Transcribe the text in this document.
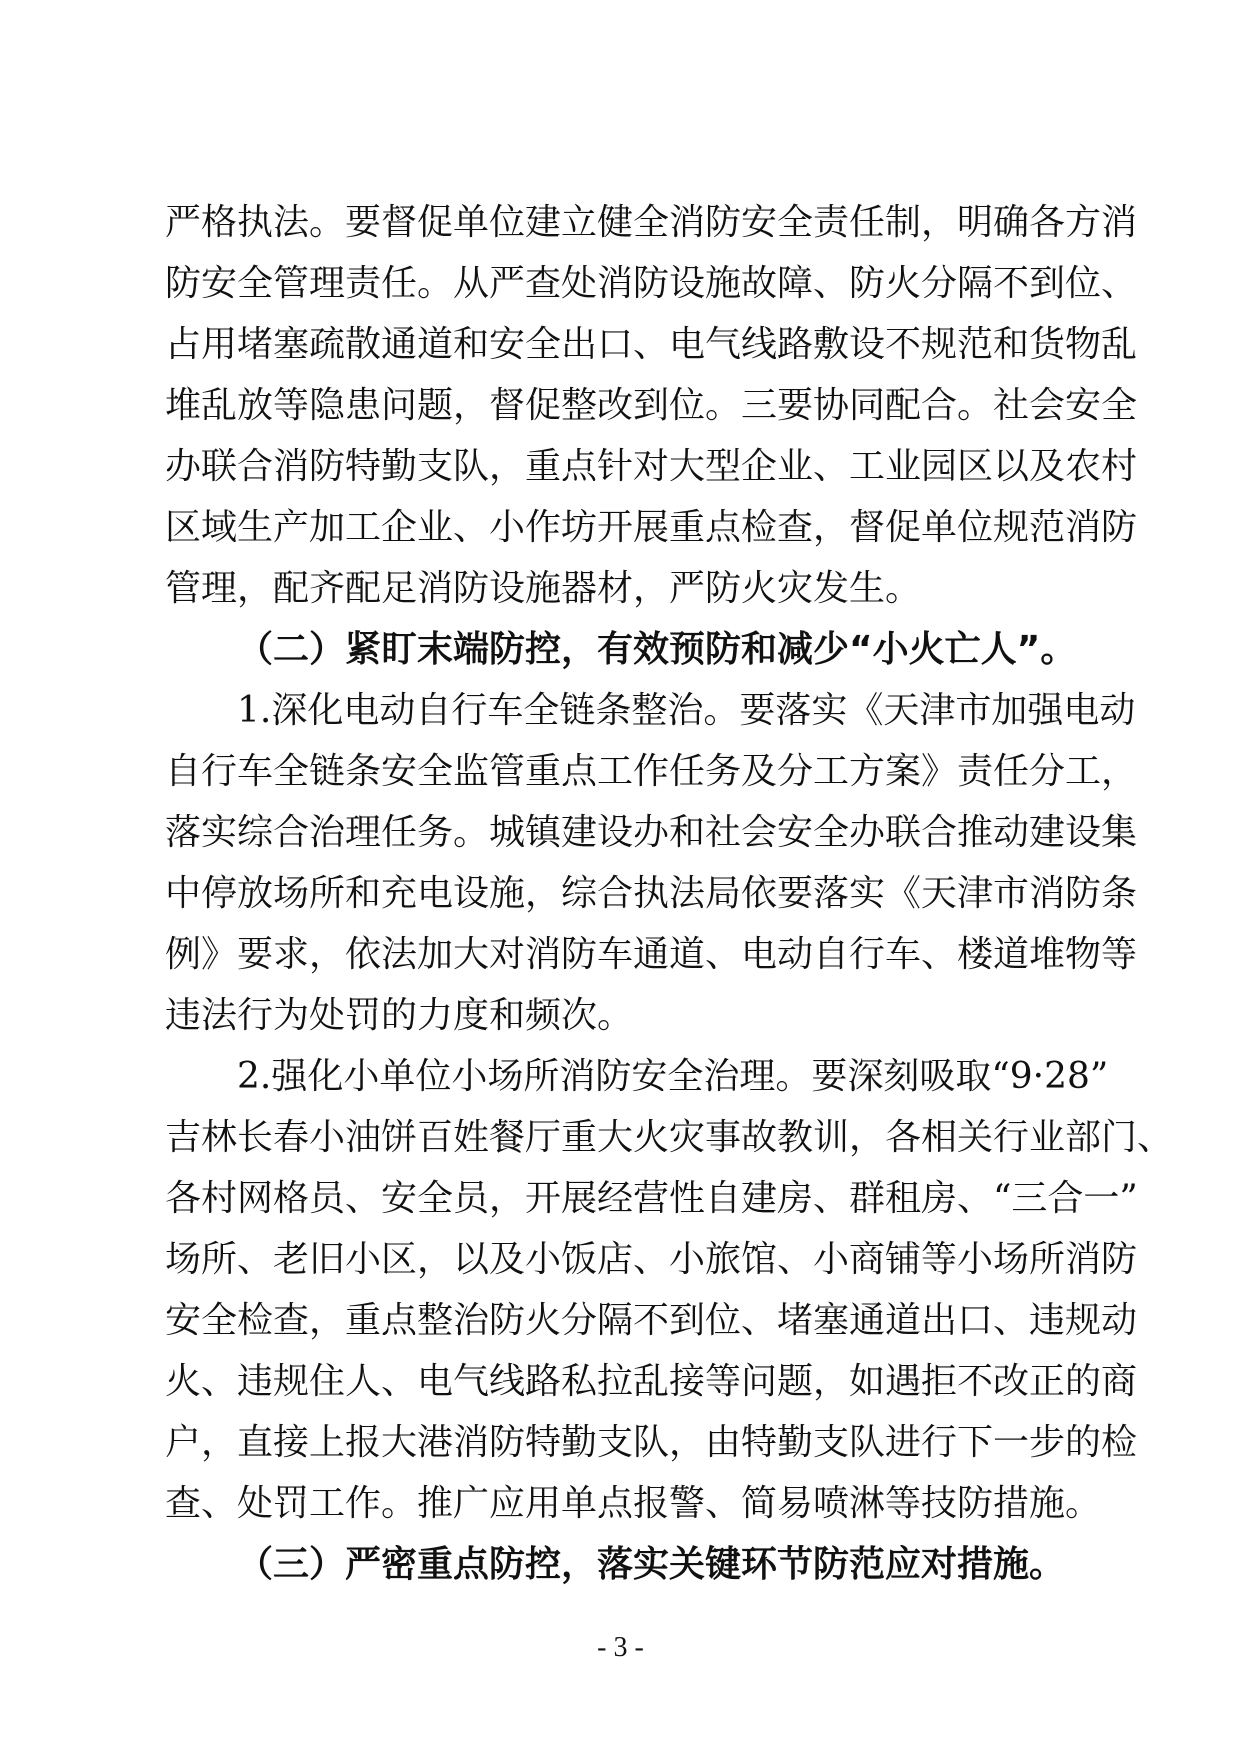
严格执法。要督促单位建立健全消防安全责任制，明确各方消
防安全管理责任。从严查处消防设施故障、防火分隔不到位、
占用堵塞疏散通道和安全出口、电气线路敷设不规范和货物乱
堆乱放等隐患问题，督促整改到位。三要协同配合。社会安全
办联合消防特勤支队，重点针对大型企业、工业园区以及农村
区域生产加工企业、小作坊开展重点检查，督促单位规范消防
管理，配齐配足消防设施器材，严防火灾发生。
（二）紧盯末端防控，有效预防和减少“小火亡人”。
1.深化电动自行车全链条整治。要落实《天津市加强电动
自行车全链条安全监管重点工作任务及分工方案》责任分工，
落实综合治理任务。城镇建设办和社会安全办联合推动建设集
中停放场所和充电设施，综合执法局依要落实《天津市消防条
例》要求，依法加大对消防车通道、电动自行车、楼道堆物等
违法行为处罚的力度和频次。
2.强化小单位小场所消防安全治理。要深刻吸取“9·28”
吉林长春小油饼百姓餐厅重大火灾事故教训，各相关行业部门、
各村网格员、安全员，开展经营性自建房、群租房、“三合一”
场所、老旧小区，以及小饭店、小旅馆、小商铺等小场所消防
安全检查，重点整治防火分隔不到位、堵塞通道出口、违规动
火、违规住人、电气线路私拉乱接等问题，如遇拒不改正的商
户，直接上报大港消防特勤支队，由特勤支队进行下一步的检
查、处罚工作。推广应用单点报警、简易喷淋等技防措施。
（三）严密重点防控，落实关键环节防范应对措施。
- 3 -
